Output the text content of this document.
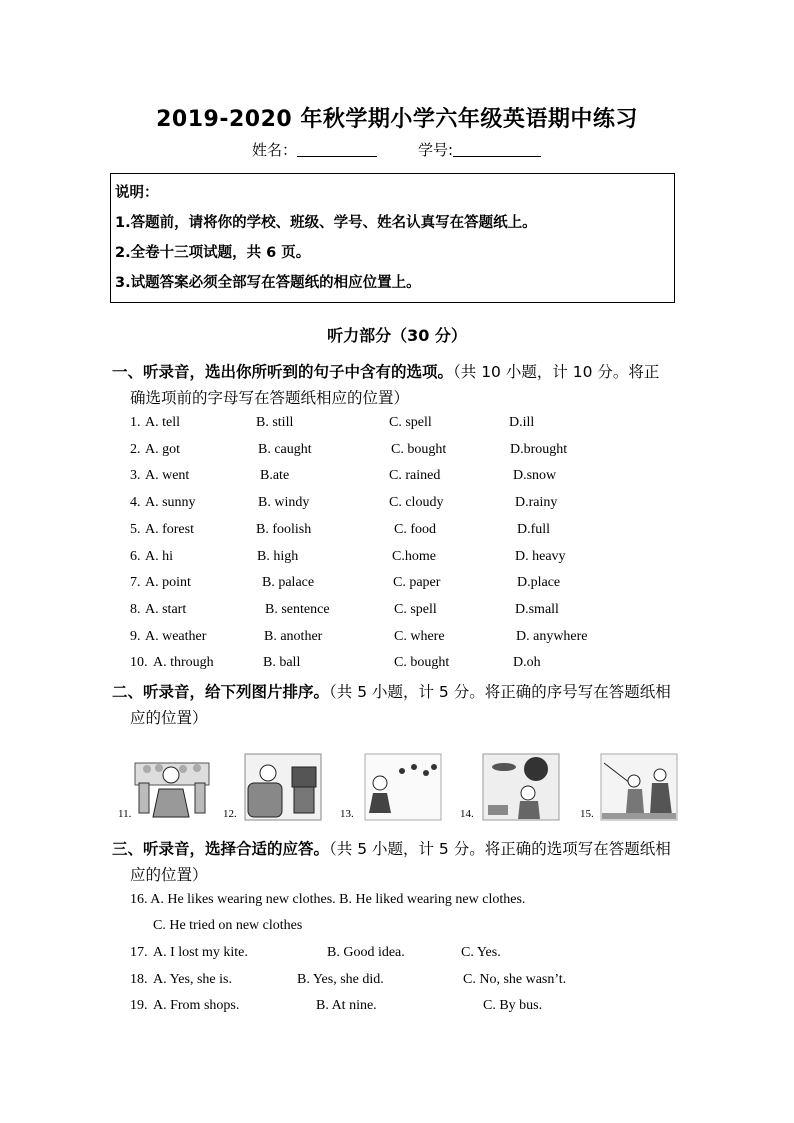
2019-2020 年秋学期小学六年级英语期中练习
姓名：	学号:
说明：
1.答题前，请将你的学校、班级、学号、姓名认真写在答题纸上。
2.全卷十三项试题，共 6 页。
3.试题答案必须全部写在答题纸的相应位置上。
听力部分（30 分）
一、听录音，选出你所听到的句子中含有的选项。（共 10 小题，计 10 分。将正
确选项前的字母写在答题纸相应的位置）
1. A. tell	B. still	C. spell	D.ill
2. A. got	B. caught	C. bought	D.brought
3. A. went	B.ate	C. rained	D.snow
4. A. sunny	B. windy	C. cloudy	D.rainy
5. A. forest	B. foolish	C. food	D.full
6. A. hi	B. high	C.home	D. heavy
7. A. point	B. palace	C. paper	D.place
8. A. start	B. sentence	C. spell	D.small
9. A. weather	B. another	C. where	D. anywhere
10. A. through	B. ball	C. bought	D.oh
二、听录音，给下列图片排序。（共 5 小题，计 5 分。将正确的序号写在答题纸相
应的位置）
11.	12.	13.	14.	15.
三、听录音，选择合适的应答。（共 5 小题，计 5 分。将正确的选项写在答题纸相
应的位置）
16. A. He likes wearing new clothes. B. He liked wearing new clothes.
C. He tried on new clothes
17. A. I lost my kite.	B. Good idea.	C. Yes.
18. A. Yes, she is.	B. Yes, she did.	C. No, she wasn’t.
19. A. From shops.	B. At nine.	C. By bus.
